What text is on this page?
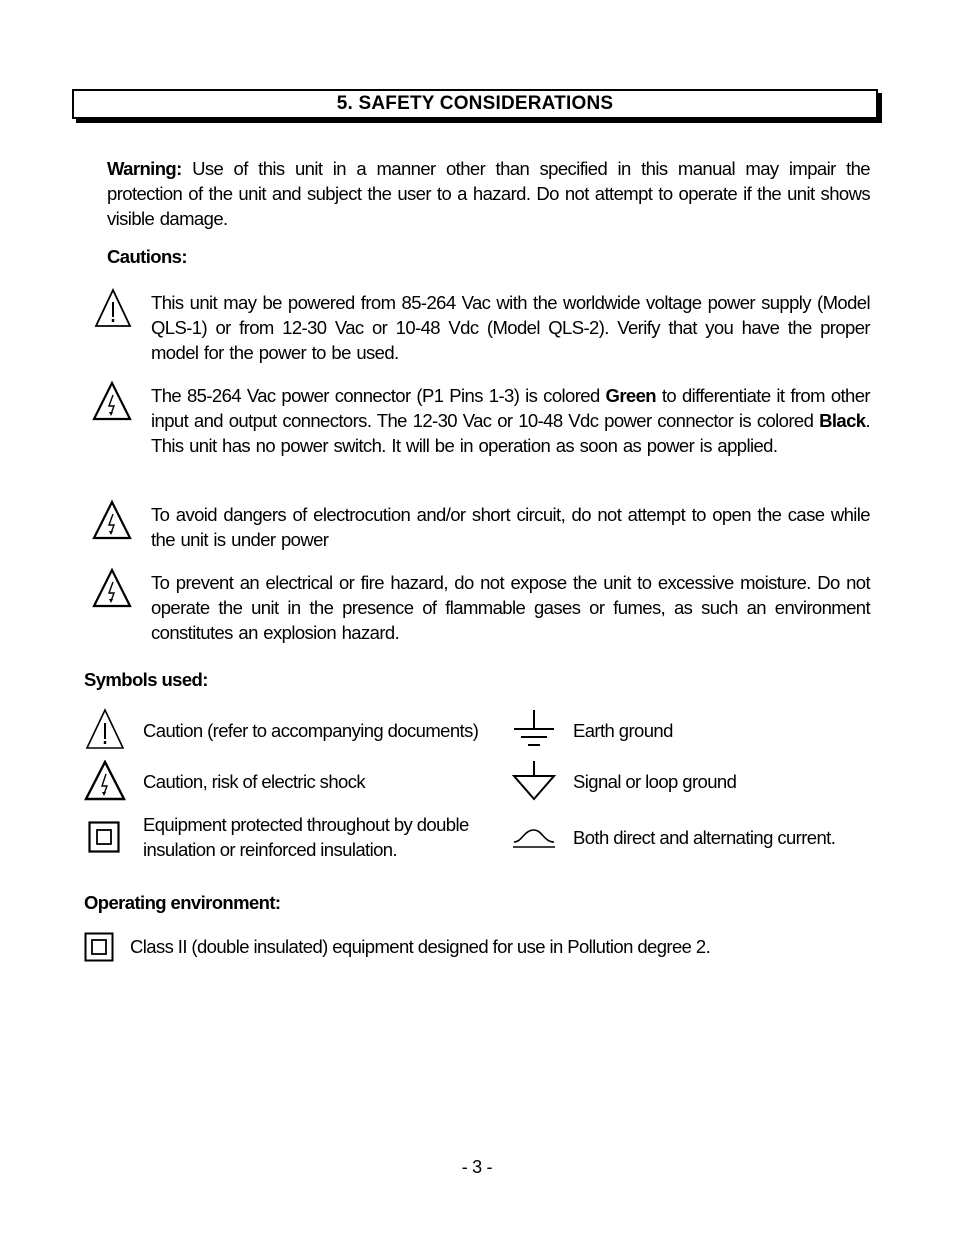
5. SAFETY CONSIDERATIONS
Warning: Use of this unit in a manner other than specified in this manual may impair the protection of the unit and subject the user to a hazard. Do not attempt to operate if the unit shows visible damage.
Cautions:
This unit may be powered from 85-264 Vac with the worldwide voltage power supply (Model QLS-1) or from 12-30 Vac or 10-48 Vdc (Model QLS-2). Verify that you have the proper model for the power to be used.
The 85-264 Vac power connector (P1 Pins 1-3) is colored Green to differentiate it from other input and output connectors. The 12-30 Vac or 10-48 Vdc power connector is colored Black. This unit has no power switch. It will be in operation as soon as power is applied.
To avoid dangers of electrocution and/or short circuit, do not attempt to open the case while the unit is under power
To prevent an electrical or fire hazard, do not expose the unit to excessive moisture. Do not operate the unit in the presence of flammable gases or fumes, as such an environment constitutes an explosion hazard.
Symbols used:
Caution (refer to accompanying documents)
Caution, risk of electric shock
Equipment protected throughout by double
insulation or reinforced insulation.
Earth ground
Signal or loop ground
Both direct and alternating current.
Operating environment:
Class II (double insulated) equipment designed for use in Pollution degree 2.
- 3 -
